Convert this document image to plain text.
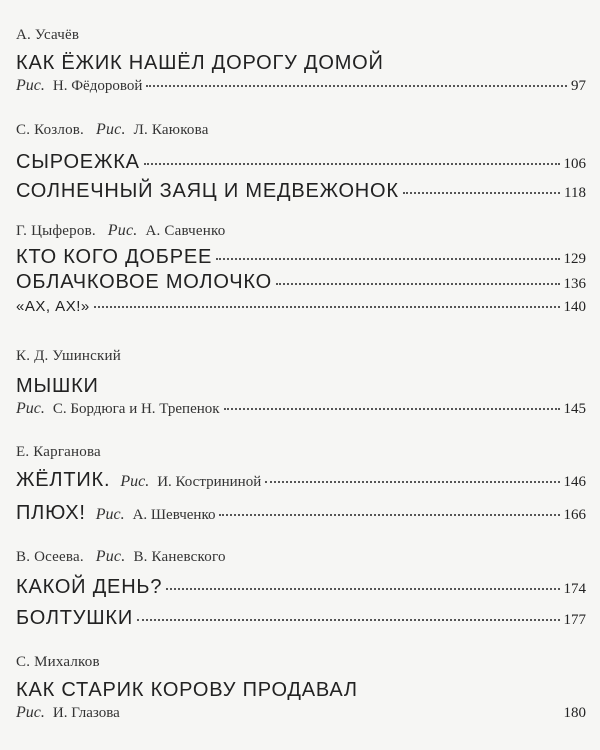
А. Усачёв
КАК ЁЖИК НАШЁЛ ДОРОГУ ДОМОЙ
Рис. Н. Фёдоровой	97
С. Козлов. Рис. Л. Каюкова
СЫРОЕЖКА	106
СОЛНЕЧНЫЙ ЗАЯЦ И МЕДВЕЖОНОК	118
Г. Цыферов. Рис. А. Савченко
КТО КОГО ДОБРЕЕ	129
ОБЛАЧКОВОЕ МОЛОЧКО	136
«АХ, АХ!»	140
К. Д. Ушинский
МЫШКИ
Рис. С. Бордюга и Н. Трепенок	145
Е. Карганова
ЖЁЛТИК. Рис. И. Кострининой	146
ПЛЮХ! Рис. А. Шевченко	166
В. Осеева. Рис. В. Каневского
КАКОЙ ДЕНЬ?	174
БОЛТУШКИ	177
С. Михалков
КАК СТАРИК КОРОВУ ПРОДАВАЛ
Рис. И. Глазова	180
